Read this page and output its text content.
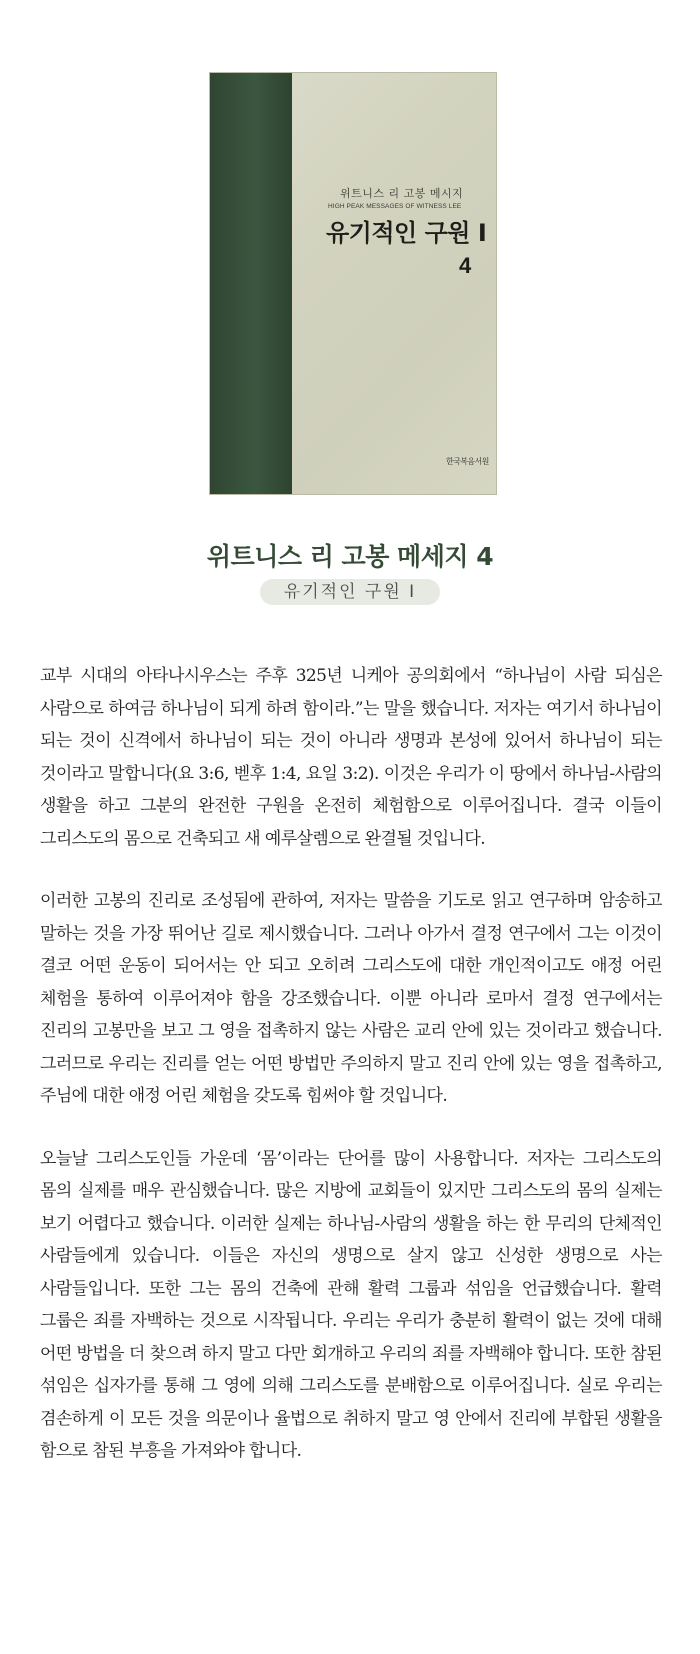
위트니스 리 고봉 메시지
HIGH PEAK MESSAGES OF WITNESS LEE
유기적인 구원 I
4
한국복음서원
위트니스 리 고봉 메세지 4
유기적인 구원 I

교부 시대의 아타나시우스는 주후 325년 니케아 공의회에서 “하나님이 사람 되심은 사람으로 하여금 하나님이 되게 하려 함이라.”는 말을 했습니다. 저자는 여기서 하나님이 되는 것이 신격에서 하나님이 되는 것이 아니라 생명과 본성에 있어서 하나님이 되는 것이라고 말합니다(요 3:6, 벧후 1:4, 요일 3:2). 이것은 우리가 이 땅에서 하나님-사람의 생활을 하고 그분의 완전한 구원을 온전히 체험함으로 이루어집니다. 결국 이들이 그리스도의 몸으로 건축되고 새 예루살렘으로 완결될 것입니다.

이러한 고봉의 진리로 조성됨에 관하여, 저자는 말씀을 기도로 읽고 연구하며 암송하고 말하는 것을 가장 뛰어난 길로 제시했습니다. 그러나 아가서 결정 연구에서 그는 이것이 결코 어떤 운동이 되어서는 안 되고 오히려 그리스도에 대한 개인적이고도 애정 어린 체험을 통하여 이루어져야 함을 강조했습니다. 이뿐 아니라 로마서 결정 연구에서는 진리의 고봉만을 보고 그 영을 접촉하지 않는 사람은 교리 안에 있는 것이라고 했습니다. 그러므로 우리는 진리를 얻는 어떤 방법만 주의하지 말고 진리 안에 있는 영을 접촉하고, 주님에 대한 애정 어린 체험을 갖도록 힘써야 할 것입니다.

오늘날 그리스도인들 가운데 ‘몸’이라는 단어를 많이 사용합니다. 저자는 그리스도의 몸의 실제를 매우 관심했습니다. 많은 지방에 교회들이 있지만 그리스도의 몸의 실제는 보기 어렵다고 했습니다. 이러한 실제는 하나님-사람의 생활을 하는 한 무리의 단체적인 사람들에게 있습니다. 이들은 자신의 생명으로 살지 않고 신성한 생명으로 사는 사람들입니다. 또한 그는 몸의 건축에 관해 활력 그룹과 섞임을 언급했습니다. 활력 그룹은 죄를 자백하는 것으로 시작됩니다. 우리는 우리가 충분히 활력이 없는 것에 대해 어떤 방법을 더 찾으려 하지 말고 다만 회개하고 우리의 죄를 자백해야 합니다. 또한 참된 섞임은 십자가를 통해 그 영에 의해 그리스도를 분배함으로 이루어집니다. 실로 우리는 겸손하게 이 모든 것을 의문이나 율법으로 취하지 말고 영 안에서 진리에 부합된 생활을 함으로 참된 부흥을 가져와야 합니다.
